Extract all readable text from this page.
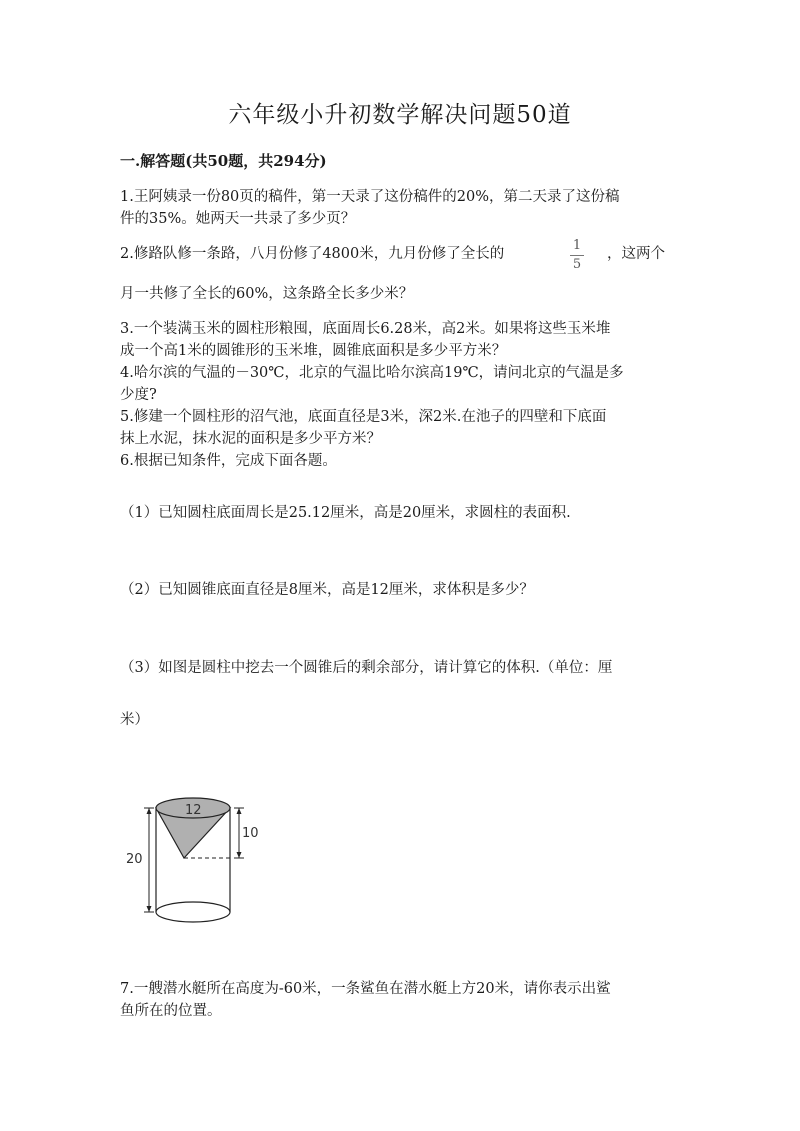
六年级小升初数学解决问题50道
一.解答题(共50题，共294分)
1.王阿姨录一份80页的稿件，第一天录了这份稿件的20%，第二天录了这份稿
件的35%。她两天一共录了多少页？
2.修路队修一条路，八月份修了4800米，九月份修了全长的
1
5
，这两个
月一共修了全长的60%，这条路全长多少米？
3.一个装满玉米的圆柱形粮囤，底面周长6.28米，高2米。如果将这些玉米堆
成一个高1米的圆锥形的玉米堆，圆锥底面积是多少平方米？
4.哈尔滨的气温的－30℃，北京的气温比哈尔滨高19℃，请问北京的气温是多
少度?
5.修建一个圆柱形的沼气池，底面直径是3米，深2米.在池子的四壁和下底面
抹上水泥，抹水泥的面积是多少平方米？
6.根据已知条件，完成下面各题。
（1）已知圆柱底面周长是25.12厘米，高是20厘米，求圆柱的表面积.
（2）已知圆锥底面直径是8厘米，高是12厘米，求体积是多少？
（3）如图是圆柱中挖去一个圆锥后的剩余部分，请计算它的体积.（单位：厘
米）
12
10
20
7.一艘潜水艇所在高度为-60米，一条鲨鱼在潜水艇上方20米，请你表示出鲨
鱼所在的位置。
